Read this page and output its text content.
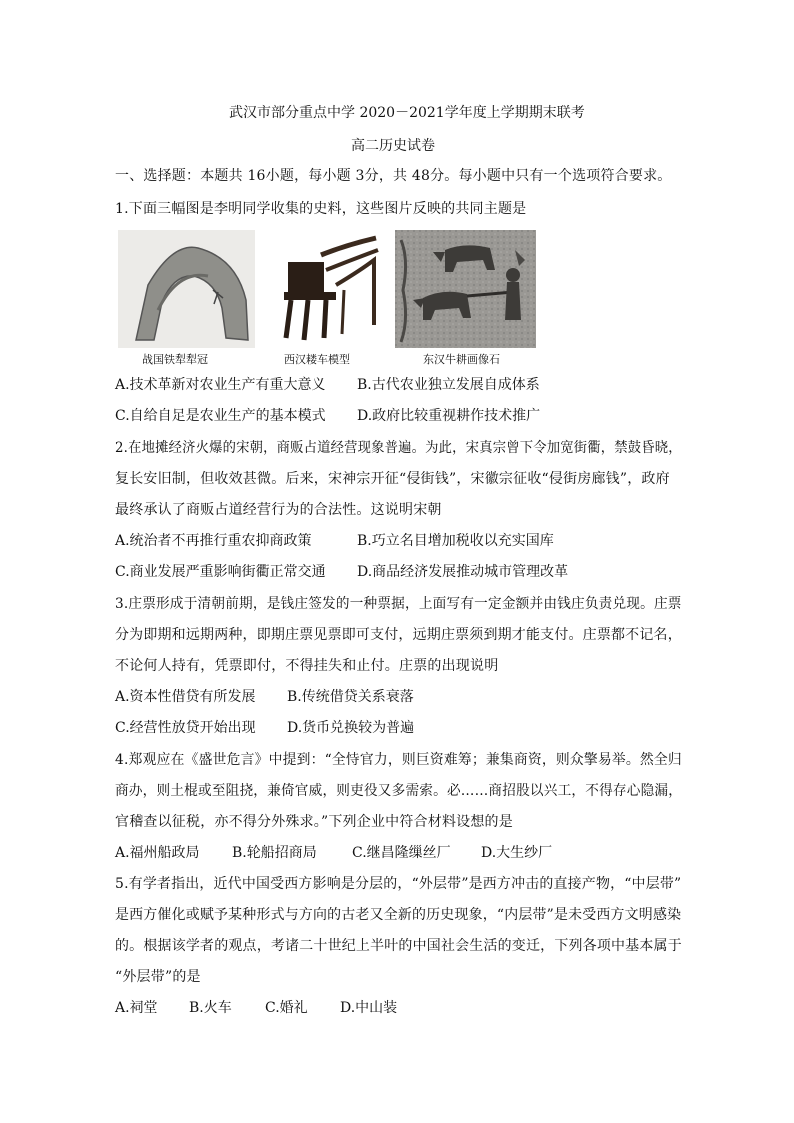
武汉市部分重点中学 2020－2021学年度上学期期末联考
高二历史试卷
一、选择题：本题共 16小题，每小题 3分，共 48分。每小题中只有一个选项符合要求。
1.下面三幅图是李明同学收集的史料，这些图片反映的共同主题是
战国铁犁犁冠	西汉耧车模型	东汉牛耕画像石
A.技术革新对农业生产有重大意义 B.古代农业独立发展自成体系
C.自给自足是农业生产的基本模式 D.政府比较重视耕作技术推广
2.在地摊经济火爆的宋朝，商贩占道经营现象普遍。为此，宋真宗曾下令加宽街衢，禁鼓昏晓，
复长安旧制，但收效甚微。后来，宋神宗开征“侵街钱”，宋徽宗征收“侵街房廊钱”，政府
最终承认了商贩占道经营行为的合法性。这说明宋朝
A.统治者不再推行重农抑商政策	B.巧立名目增加税收以充实国库
C.商业发展严重影响街衢正常交通 D.商品经济发展推动城市管理改革
3.庄票形成于清朝前期，是钱庄签发的一种票据，上面写有一定金额并由钱庄负责兑现。庄票
分为即期和远期两种，即期庄票见票即可支付，远期庄票须到期才能支付。庄票都不记名，
不论何人持有，凭票即付，不得挂失和止付。庄票的出现说明
A.资本性借贷有所发展 B.传统借贷关系衰落
C.经营性放贷开始出现 D.货币兑换较为普遍
4.郑观应在《盛世危言》中提到：“全恃官力，则巨资难筹；兼集商资，则众擎易举。然全归
商办，则土棍或至阻挠，兼倚官威，则吏役又多需索。必……商招股以兴工，不得存心隐漏，
官稽查以征税，亦不得分外殊求。”下列企业中符合材料设想的是
A.福州船政局 B.轮船招商局	C.继昌隆缫丝厂 D.大生纱厂
5.有学者指出，近代中国受西方影响是分层的，“外层带”是西方冲击的直接产物，“中层带”
是西方催化或赋予某种形式与方向的古老又全新的历史现象，“内层带”是未受西方文明感染
的。根据该学者的观点，考诸二十世纪上半叶的中国社会生活的变迁，下列各项中基本属于
“外层带”的是
A.祠堂 B.火车 C.婚礼 D.中山装
